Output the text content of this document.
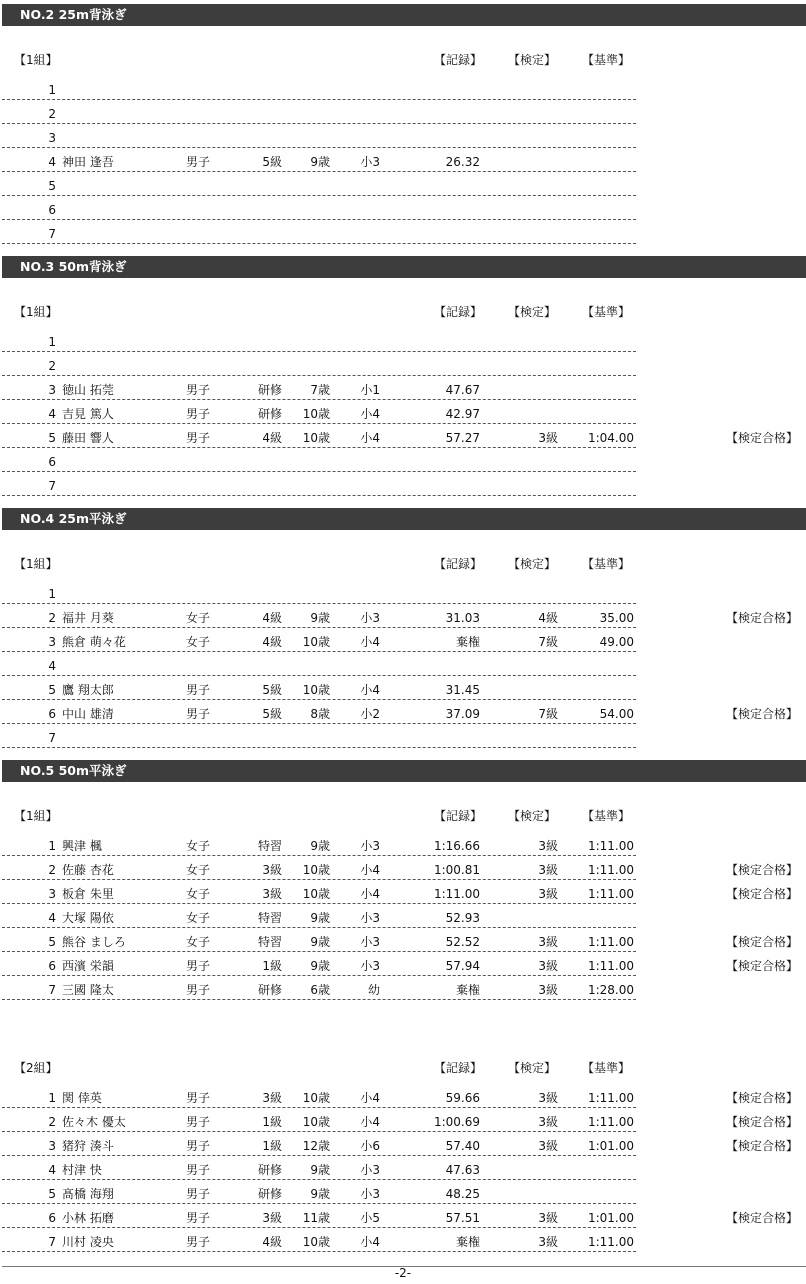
NO.2 25m背泳ぎ
【1組】	【記録】 【検定】 【基準】
1
2
3
4 神田 逢吾	男子	5級	9歳	小3	26.32
5
6
7
NO.3 50m背泳ぎ
【1組】	【記録】 【検定】 【基準】
1
2
3 徳山 拓莞	男子	研修	7歳	小1	47.67
4 吉見 篤人	男子	研修	10歳	小4	42.97
5 藤田 響人	男子	4級	10歳	小4	57.27	3級	1:04.00	【検定合格】
6
7
NO.4 25m平泳ぎ
【1組】	【記録】 【検定】 【基準】
1
2 福井 月葵	女子	4級	9歳	小3	31.03	4級	35.00	【検定合格】
3 熊倉 萌々花	女子	4級	10歳	小4	棄権	7級	49.00
4
5 鷹 翔太郎	男子	5級	10歳	小4	31.45
6 中山 雄清	男子	5級	8歳	小2	37.09	7級	54.00	【検定合格】
7
NO.5 50m平泳ぎ
【1組】	【記録】 【検定】 【基準】
1 興津 楓	女子	特習	9歳	小3	1:16.66	3級	1:11.00
2 佐藤 杏花	女子	3級	10歳	小4	1:00.81	3級	1:11.00	【検定合格】
3 板倉 朱里	女子	3級	10歳	小4	1:11.00	3級	1:11.00	【検定合格】
4 大塚 陽依	女子	特習	9歳	小3	52.93
5 熊谷 ましろ	女子	特習	9歳	小3	52.52	3級	1:11.00	【検定合格】
6 西濱 栄韻	男子	1級	9歳	小3	57.94	3級	1:11.00	【検定合格】
7 三國 隆太	男子	研修	6歳	幼	棄権	3級	1:28.00
【2組】	【記録】 【検定】 【基準】
1 関 倖英	男子	3級	10歳	小4	59.66	3級	1:11.00	【検定合格】
2 佐々木 優太	男子	1級	10歳	小4	1:00.69	3級	1:11.00	【検定合格】
3 猪狩 湊斗	男子	1級	12歳	小6	57.40	3級	1:01.00	【検定合格】
4 村津 快	男子	研修	9歳	小3	47.63
5 髙橋 海翔	男子	研修	9歳	小3	48.25
6 小林 拓磨	男子	3級	11歳	小5	57.51	3級	1:01.00	【検定合格】
7 川村 凌央	男子	4級	10歳	小4	棄権	3級	1:11.00
-2-
